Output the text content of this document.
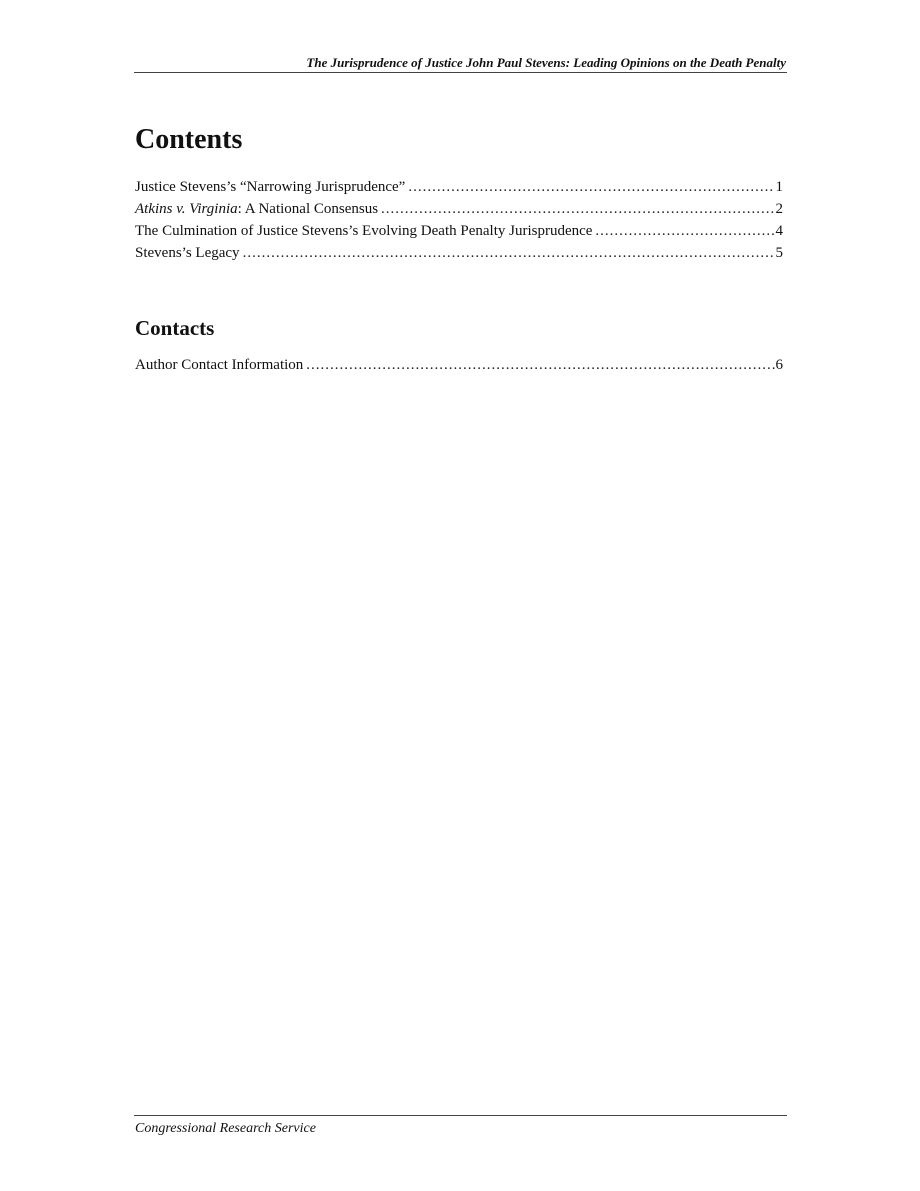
The Jurisprudence of Justice John Paul Stevens: Leading Opinions on the Death Penalty
Contents
Justice Stevens’s “Narrowing Jurisprudence” .....	1
Atkins v. Virginia: A National Consensus .....	2
The Culmination of Justice Stevens’s Evolving Death Penalty Jurisprudence .....	4
Stevens’s Legacy .....	5
Contacts
Author Contact Information .....	6
Congressional Research Service
